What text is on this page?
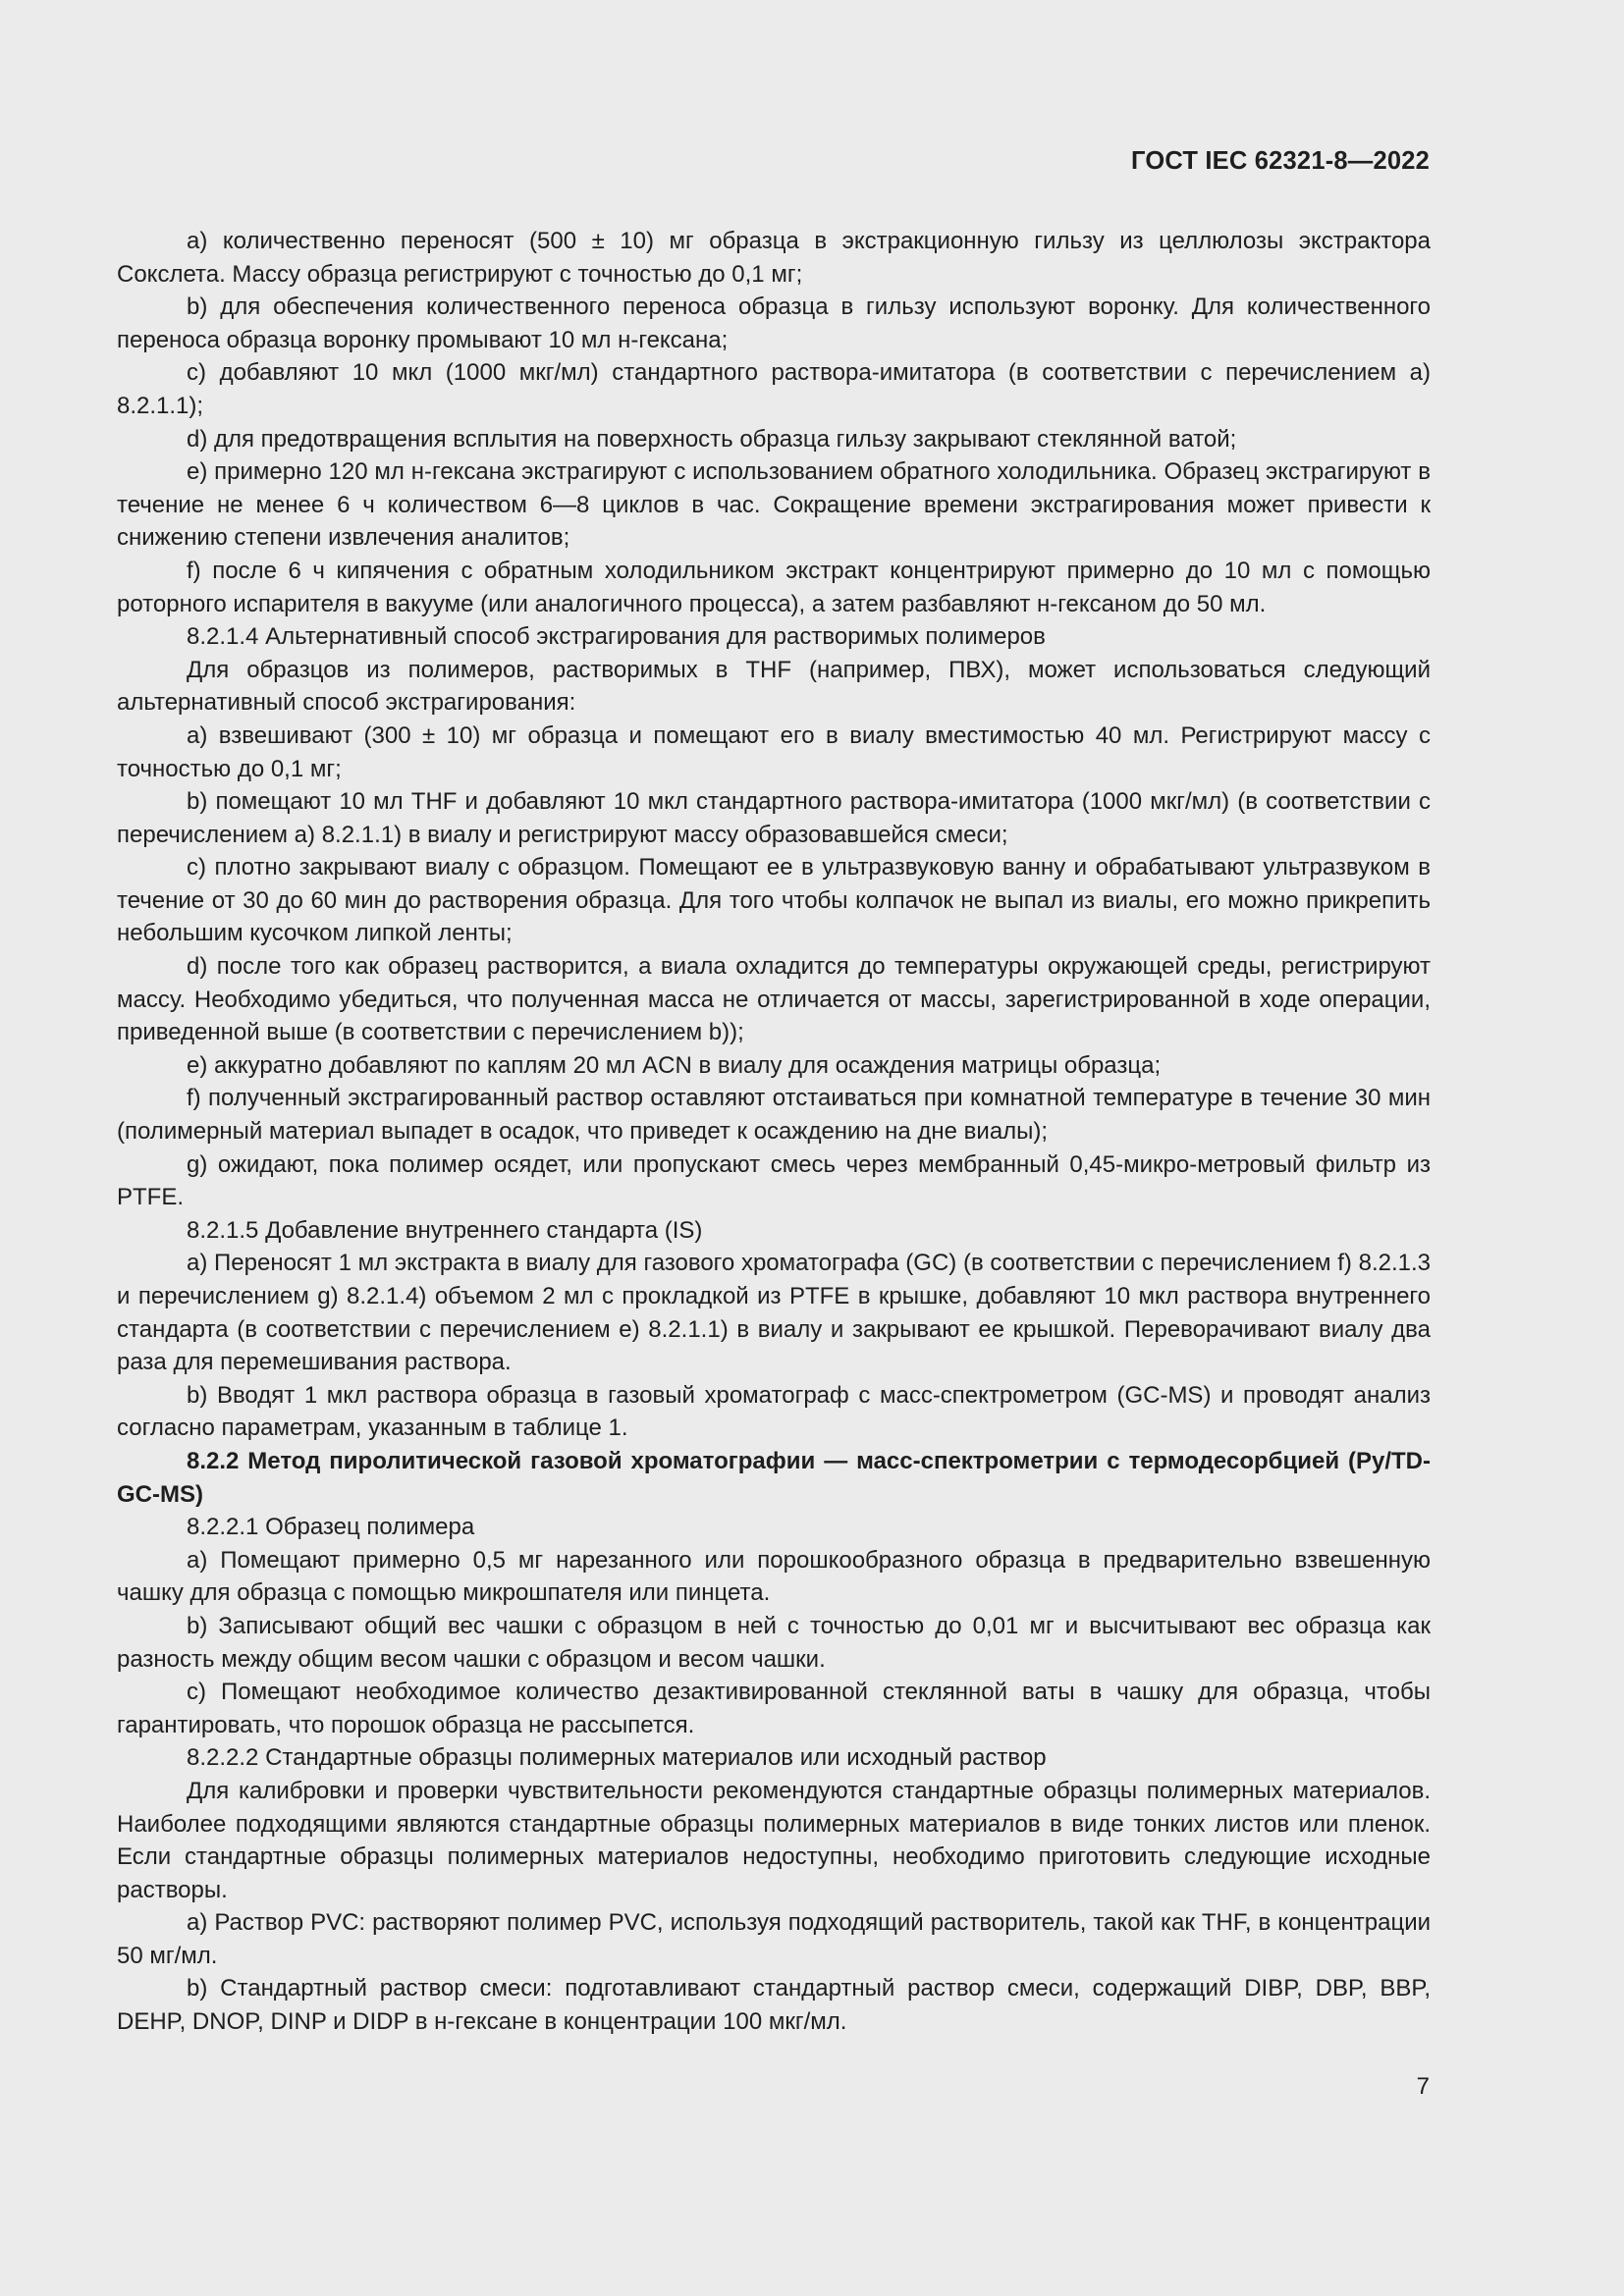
ГОСТ IEC 62321-8—2022

a) количественно переносят (500 ± 10) мг образца в экстракционную гильзу из целлюлозы экстрактора Сокслета. Массу образца регистрируют с точностью до 0,1 мг;

b) для обеспечения количественного переноса образца в гильзу используют воронку. Для количественного переноса образца воронку промывают 10 мл н-гексана;

c) добавляют 10 мкл (1000 мкг/мл) стандартного раствора-имитатора (в соответствии с перечислением a) 8.2.1.1);

d) для предотвращения всплытия на поверхность образца гильзу закрывают стеклянной ватой;

e) примерно 120 мл н-гексана экстрагируют с использованием обратного холодильника. Образец экстрагируют в течение не менее 6 ч количеством 6—8 циклов в час. Сокращение времени экстрагирования может привести к снижению степени извлечения аналитов;

f) после 6 ч кипячения с обратным холодильником экстракт концентрируют примерно до 10 мл с помощью роторного испарителя в вакууме (или аналогичного процесса), а затем разбавляют н-гексаном до 50 мл.

8.2.1.4 Альтернативный способ экстрагирования для растворимых полимеров

Для образцов из полимеров, растворимых в THF (например, ПВХ), может использоваться следующий альтернативный способ экстрагирования:

a) взвешивают (300 ± 10) мг образца и помещают его в виалу вместимостью 40 мл. Регистрируют массу с точностью до 0,1 мг;

b) помещают 10 мл THF и добавляют 10 мкл стандартного раствора-имитатора (1000 мкг/мл) (в соответствии с перечислением a) 8.2.1.1) в виалу и регистрируют массу образовавшейся смеси;

c) плотно закрывают виалу с образцом. Помещают ее в ультразвуковую ванну и обрабатывают ультразвуком в течение от 30 до 60 мин до растворения образца. Для того чтобы колпачок не выпал из виалы, его можно прикрепить небольшим кусочком липкой ленты;

d) после того как образец растворится, а виала охладится до температуры окружающей среды, регистрируют массу. Необходимо убедиться, что полученная масса не отличается от массы, зарегистрированной в ходе операции, приведенной выше (в соответствии с перечислением b));

e) аккуратно добавляют по каплям 20 мл ACN в виалу для осаждения матрицы образца;

f) полученный экстрагированный раствор оставляют отстаиваться при комнатной температуре в течение 30 мин (полимерный материал выпадет в осадок, что приведет к осаждению на дне виалы);

g) ожидают, пока полимер осядет, или пропускают смесь через мембранный 0,45-микро-метровый фильтр из PTFE.

8.2.1.5 Добавление внутреннего стандарта (IS)

a) Переносят 1 мл экстракта в виалу для газового хроматографа (GC) (в соответствии с перечислением f) 8.2.1.3 и перечислением g) 8.2.1.4) объемом 2 мл с прокладкой из PTFE в крышке, добавляют 10 мкл раствора внутреннего стандарта (в соответствии с перечислением e) 8.2.1.1) в виалу и закрывают ее крышкой. Переворачивают виалу два раза для перемешивания раствора.

b) Вводят 1 мкл раствора образца в газовый хроматограф с масс-спектрометром (GC-MS) и проводят анализ согласно параметрам, указанным в таблице 1.

8.2.2 Метод пиролитической газовой хроматографии — масс-спектрометрии с термодесорбцией (Py/TD-GC-MS)

8.2.2.1 Образец полимера

a) Помещают примерно 0,5 мг нарезанного или порошкообразного образца в предварительно взвешенную чашку для образца с помощью микрошпателя или пинцета.

b) Записывают общий вес чашки с образцом в ней с точностью до 0,01 мг и высчитывают вес образца как разность между общим весом чашки с образцом и весом чашки.

c) Помещают необходимое количество дезактивированной стеклянной ваты в чашку для образца, чтобы гарантировать, что порошок образца не рассыпется.

8.2.2.2 Стандартные образцы полимерных материалов или исходный раствор

Для калибровки и проверки чувствительности рекомендуются стандартные образцы полимерных материалов. Наиболее подходящими являются стандартные образцы полимерных материалов в виде тонких листов или пленок. Если стандартные образцы полимерных материалов недоступны, необходимо приготовить следующие исходные растворы.

a) Раствор PVC: растворяют полимер PVC, используя подходящий растворитель, такой как THF, в концентрации 50 мг/мл.

b) Стандартный раствор смеси: подготавливают стандартный раствор смеси, содержащий DIBP, DBP, BBP, DEHP, DNOP, DINP и DIDP в н-гексане в концентрации 100 мкг/мл.

7
